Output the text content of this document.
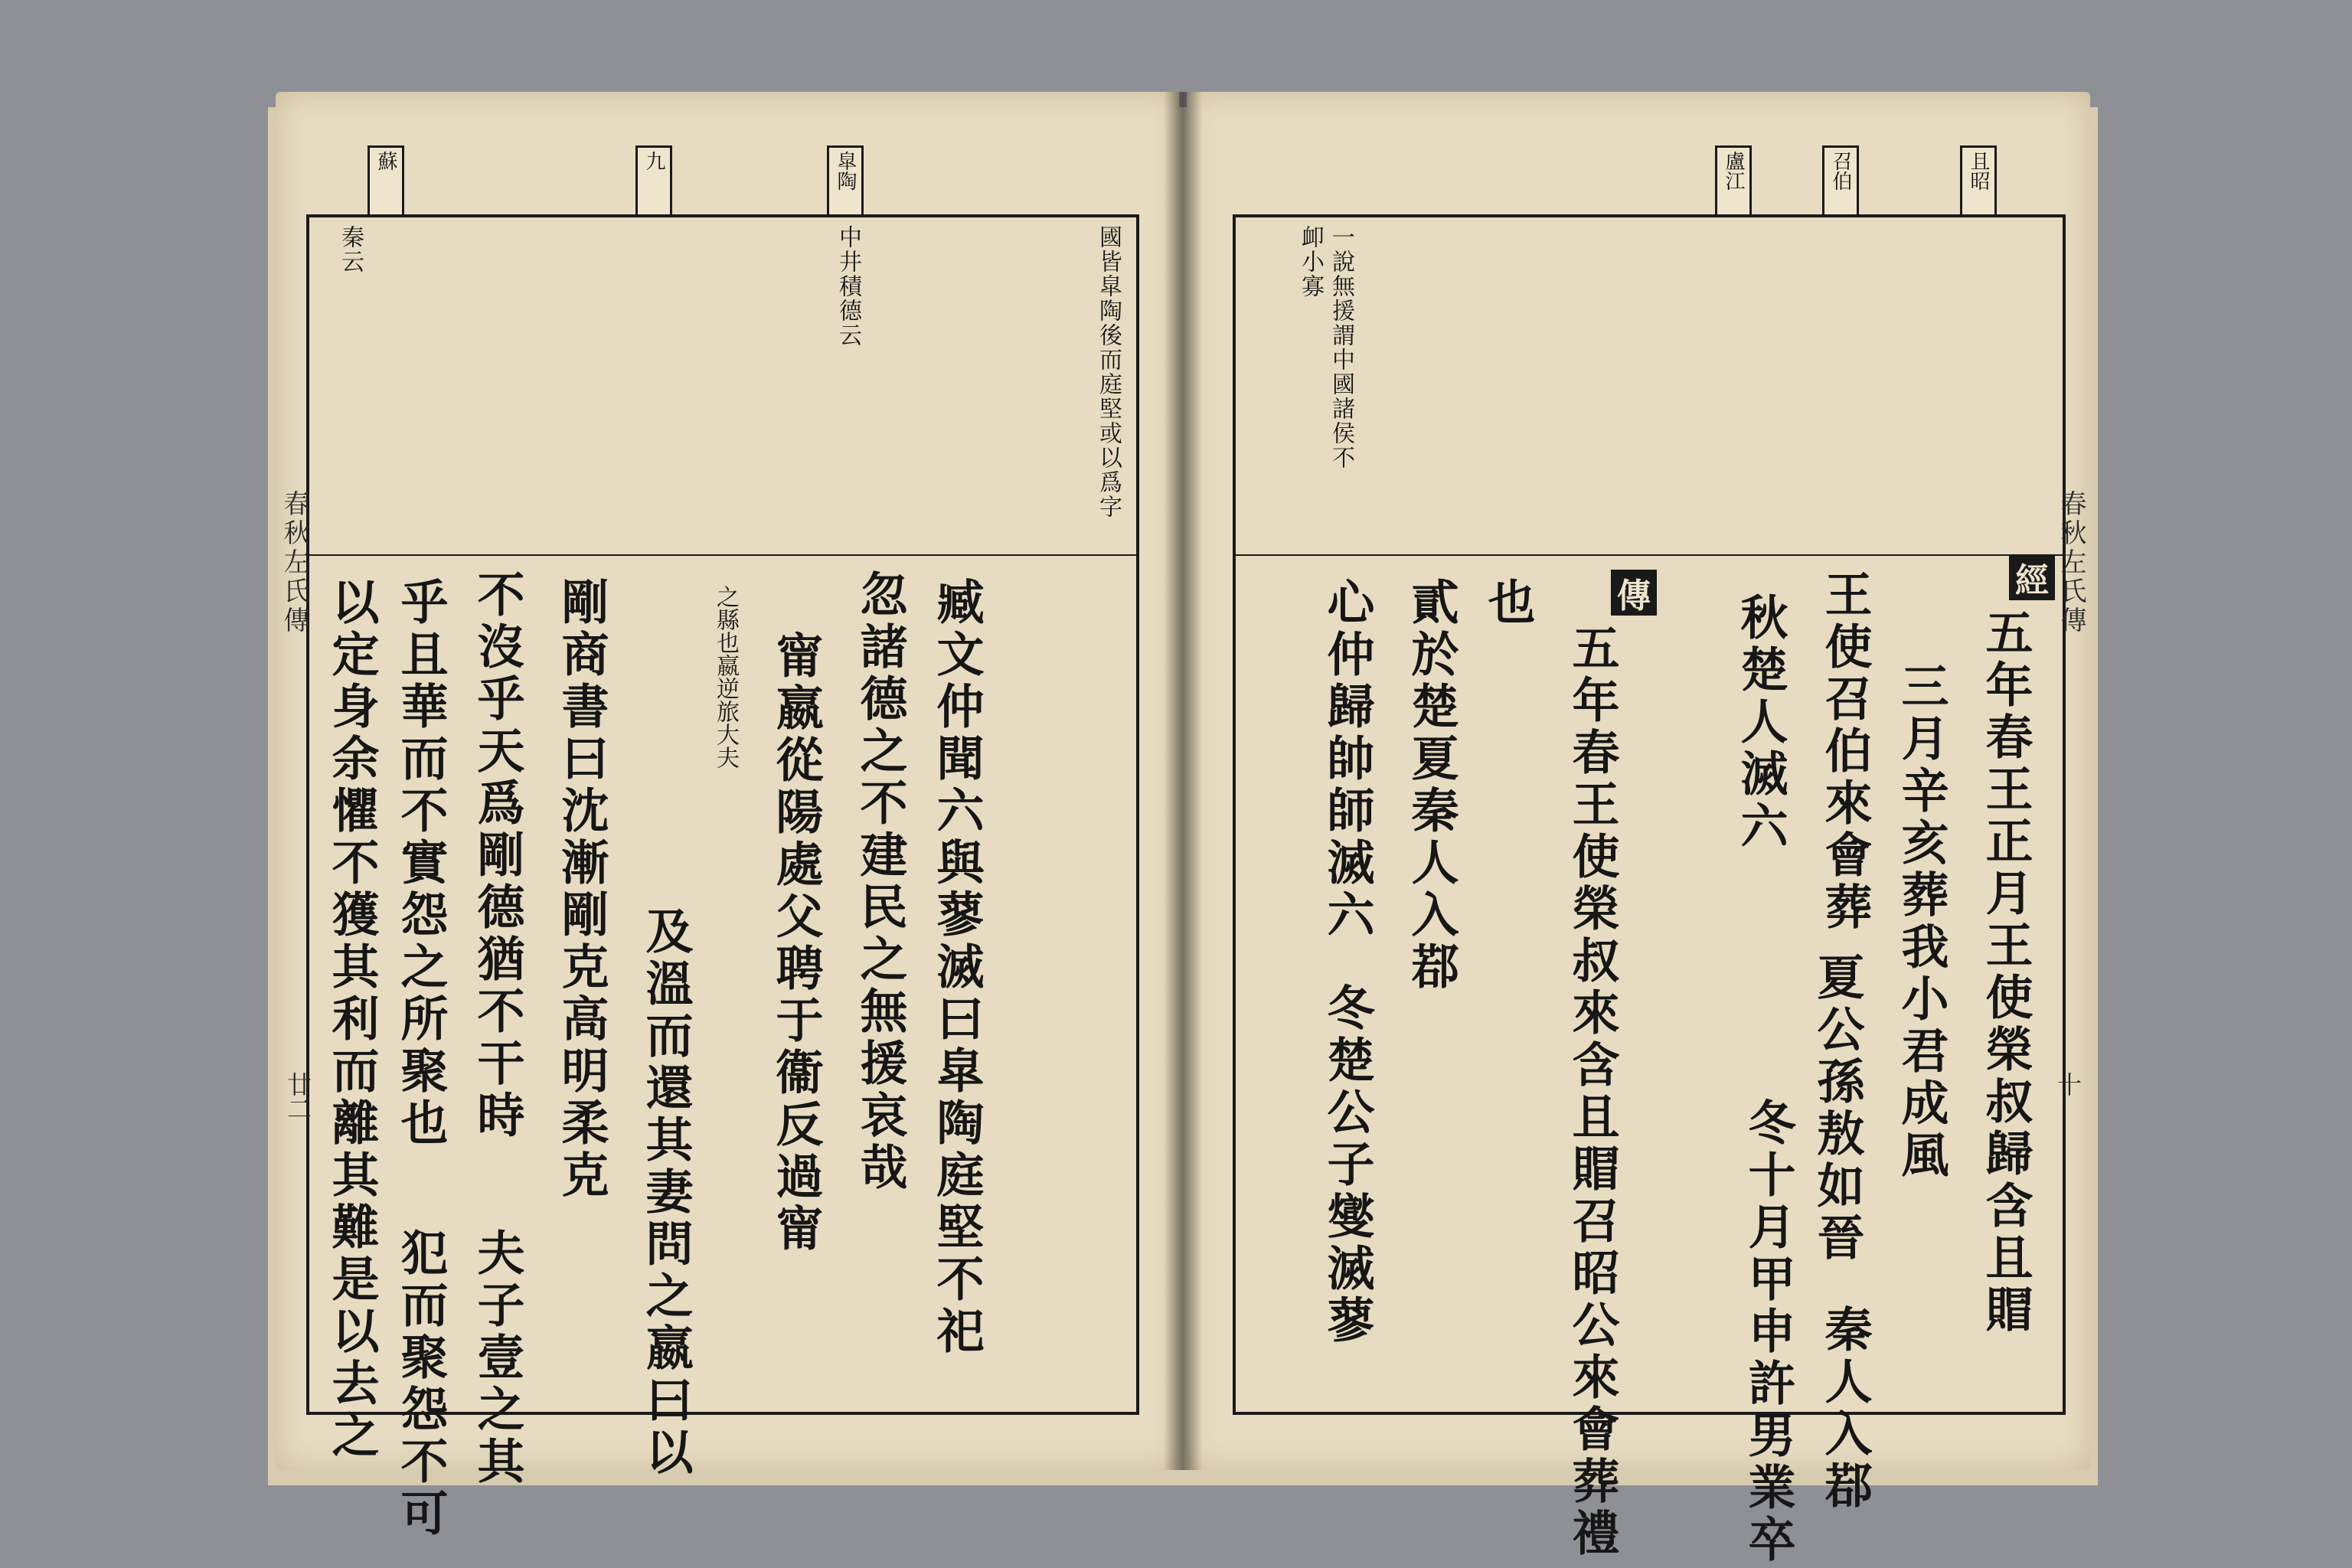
蘇	九	皐陶
國皆皐陶後而庭堅或以爲字
中井積德云
秦云
臧文仲聞六與蓼滅曰皐陶庭堅不祀
忽諸德之不建民之無援哀哉
甯嬴從陽處父聘于衞反過甯
之縣也嬴逆旅大夫
及溫而還其妻問之嬴曰以
剛商書曰沈漸剛克高明柔克
不沒乎天爲剛德猶不干時
夫子壹之其
乎且華而不實怨之所聚也
犯而聚怨不可
以定身余懼不獲其利而離其難是以去之
春秋左氏傳
廿二
且昭
召伯
盧江
一說無援謂中國諸侯不
卹小寡
經
傳
五年春王正月王使榮叔歸含且賵
三月辛亥葬我小君成風
王使召伯來會葬
夏公孫敖如晉
秦人入鄀
秋楚人滅六
冬十月甲申許男業卒
五年春王使榮叔來含且賵召昭公來會葬禮
也
貳於楚夏秦人入鄀
心仲歸帥師滅六
冬楚公子燮滅蓼
春秋左氏傳
十
